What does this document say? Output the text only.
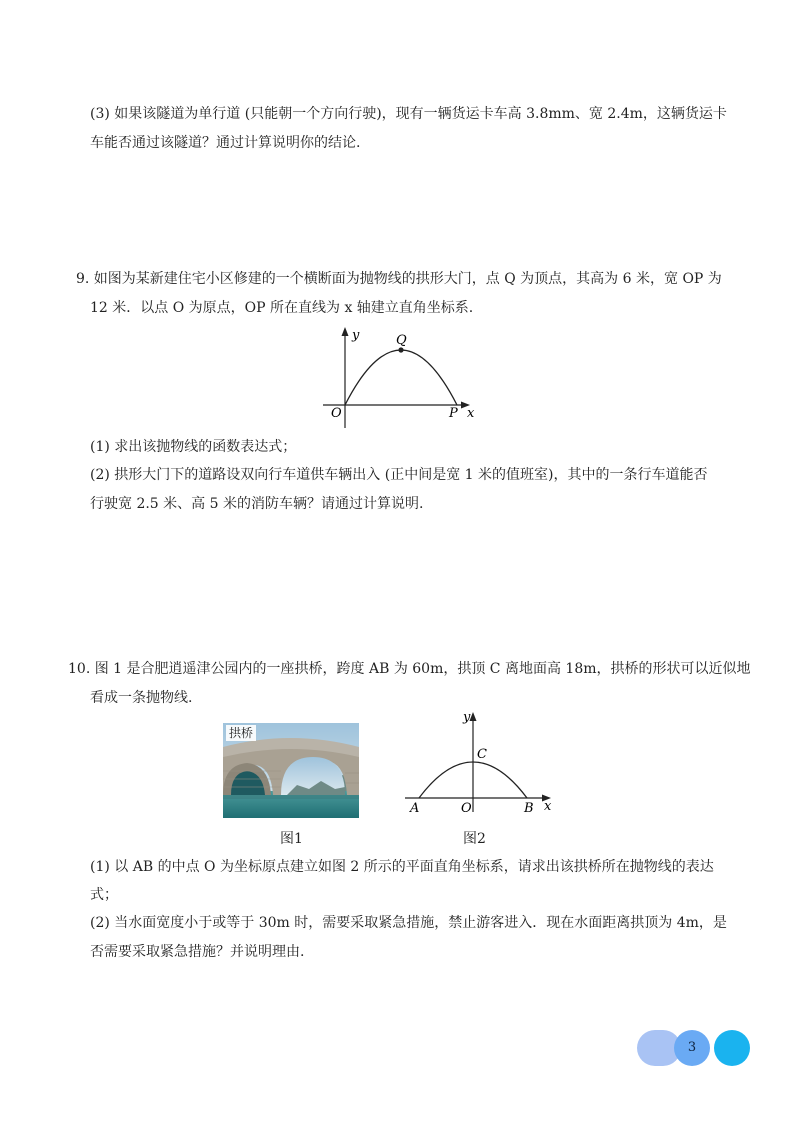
(3) 如果该隧道为单行道 (只能朝一个方向行驶)，现有一辆货运卡车高 3.8mm、宽 2.4m，这辆货运卡
车能否通过该隧道？通过计算说明你的结论.
9. 如图为某新建住宅小区修建的一个横断面为抛物线的拱形大门，点 Q 为顶点，其高为 6 米，宽 OP 为
12 米．以点 O 为原点，OP 所在直线为 x 轴建立直角坐标系.
y	Q
O	P x
(1) 求出该抛物线的函数表达式；
(2) 拱形大门下的道路设双向行车道供车辆出入 (正中间是宽 1 米的值班室)，其中的一条行车道能否
行驶宽 2.5 米、高 5 米的消防车辆？请通过计算说明.
10. 图 1 是合肥逍遥津公园内的一座拱桥，跨度 AB 为 60m，拱顶 C 离地面高 18m，拱桥的形状可以近似地
看成一条抛物线.
拱桥
y
C
A	O	B x
图1	图2
(1) 以 AB 的中点 O 为坐标原点建立如图 2 所示的平面直角坐标系，请求出该拱桥所在抛物线的表达
式；
(2) 当水面宽度小于或等于 30m 时，需要采取紧急措施，禁止游客进入．现在水面距离拱顶为 4m，是
否需要采取紧急措施？并说明理由.
3
